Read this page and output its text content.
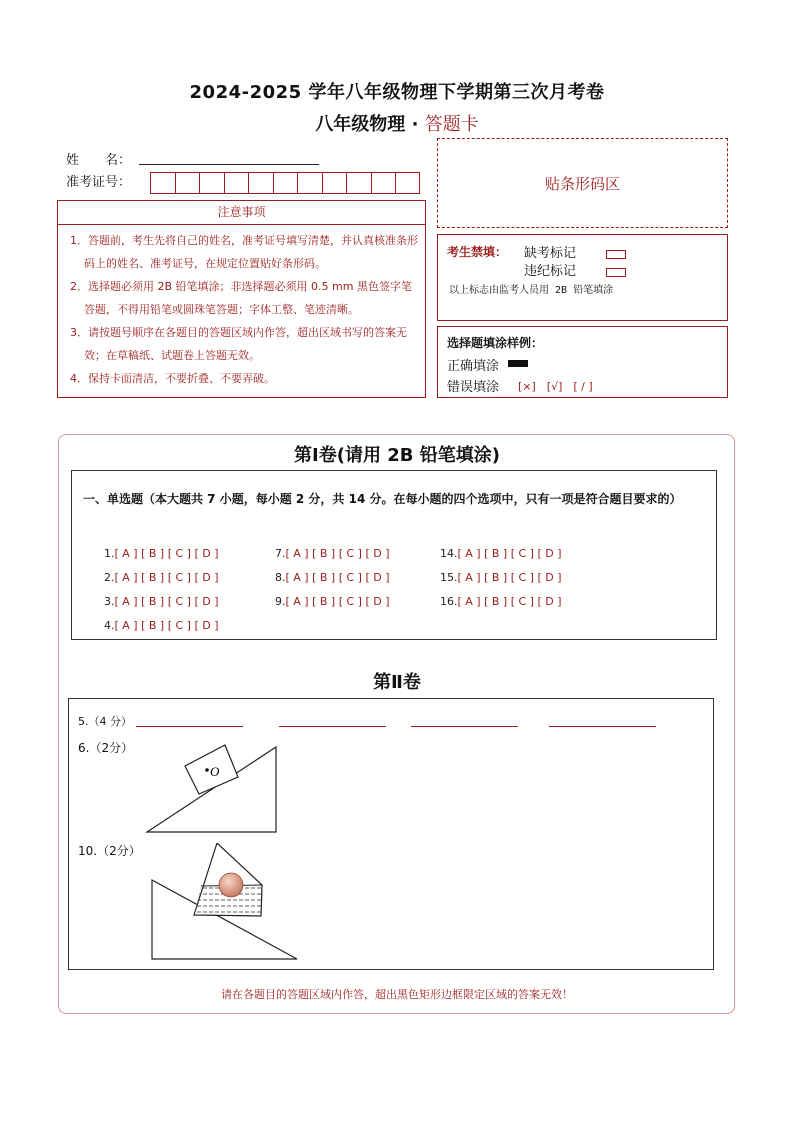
2024-2025 学年八年级物理下学期第三次月考卷
八年级物理 · 答题卡
姓　　名：
准考证号：
注意事项
1．答题前，考生先将自己的姓名，准考证号填写清楚，并认真核准条形码上的姓名、准考证号，在规定位置贴好条形码。
2．选择题必须用 2B 铅笔填涂；非选择题必须用 0.5 mm 黑色签字笔答题，不得用铅笔或圆珠笔答题；字体工整、笔迹清晰。
3．请按题号顺序在各题目的答题区域内作答，超出区域书写的答案无效；在草稿纸、试题卷上答题无效。
4．保持卡面清洁，不要折叠、不要弄破。
贴条形码区
考生禁填： 缺考标记
违纪标记
以上标志由监考人员用 2B 铅笔填涂
选择题填涂样例：
正确填涂
错误填涂 [×]　[√]　[ / ]
第Ⅰ卷(请用 2B 铅笔填涂)
一、单选题（本大题共 7 小题，每小题 2 分，共 14 分。在每小题的四个选项中，只有一项是符合题目要求的）
1.[ A ] [ B ] [ C ] [ D ]
2.[ A ] [ B ] [ C ] [ D ]
3.[ A ] [ B ] [ C ] [ D ]
4.[ A ] [ B ] [ C ] [ D ]
7.[ A ] [ B ] [ C ] [ D ]
8.[ A ] [ B ] [ C ] [ D ]
9.[ A ] [ B ] [ C ] [ D ]
14.[ A ] [ B ] [ C ] [ D ]
15.[ A ] [ B ] [ C ] [ D ]
16.[ A ] [ B ] [ C ] [ D ]
第Ⅱ卷
5.（4 分）
6.（2分）
O
10.（2分）
请在各题目的答题区域内作答，超出黑色矩形边框限定区域的答案无效！
